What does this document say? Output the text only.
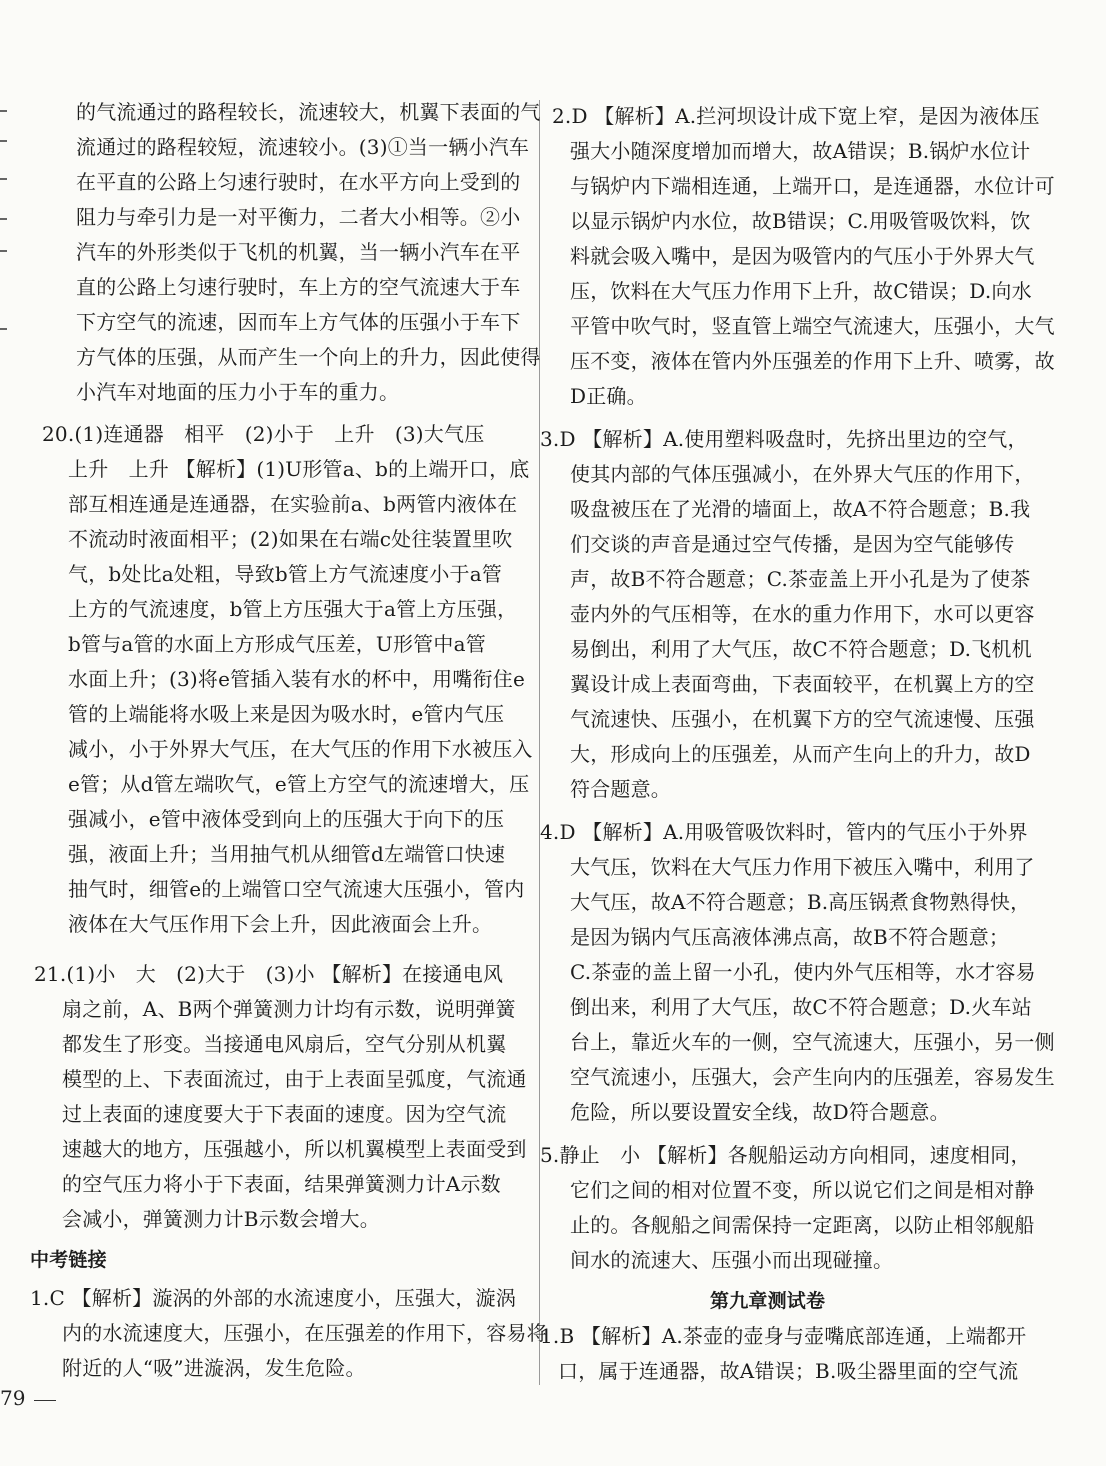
的气流通过的路程较长，流速较大，机翼下表面的气
流通过的路程较短，流速较小。(3)①当一辆小汽车
在平直的公路上匀速行驶时，在水平方向上受到的
阻力与牵引力是一对平衡力，二者大小相等。②小
汽车的外形类似于飞机的机翼，当一辆小汽车在平
直的公路上匀速行驶时，车上方的空气流速大于车
下方空气的流速，因而车上方气体的压强小于车下
方气体的压强，从而产生一个向上的升力，因此使得
小汽车对地面的压力小于车的重力。
20.(1)连通器　相平　(2)小于　上升　(3)大气压
上升　上升 【解析】(1)U形管a、b的上端开口，底
部互相连通是连通器，在实验前a、b两管内液体在
不流动时液面相平；(2)如果在右端c处往装置里吹
气，b处比a处粗，导致b管上方气流速度小于a管
上方的气流速度，b管上方压强大于a管上方压强，
b管与a管的水面上方形成气压差，U形管中a管
水面上升；(3)将e管插入装有水的杯中，用嘴衔住e
管的上端能将水吸上来是因为吸水时，e管内气压
减小，小于外界大气压，在大气压的作用下水被压入
e管；从d管左端吹气，e管上方空气的流速增大，压
强减小，e管中液体受到向上的压强大于向下的压
强，液面上升；当用抽气机从细管d左端管口快速
抽气时，细管e的上端管口空气流速大压强小，管内
液体在大气压作用下会上升，因此液面会上升。
21.(1)小　大　(2)大于　(3)小 【解析】在接通电风
扇之前，A、B两个弹簧测力计均有示数，说明弹簧
都发生了形变。当接通电风扇后，空气分别从机翼
模型的上、下表面流过，由于上表面呈弧度，气流通
过上表面的速度要大于下表面的速度。因为空气流
速越大的地方，压强越小，所以机翼模型上表面受到
的空气压力将小于下表面，结果弹簧测力计A示数
会减小，弹簧测力计B示数会增大。
中考链接
1.C 【解析】漩涡的外部的水流速度小，压强大，漩涡
内的水流速度大，压强小，在压强差的作用下，容易将
附近的人“吸”进漩涡，发生危险。
2.D 【解析】A.拦河坝设计成下宽上窄，是因为液体压
强大小随深度增加而增大，故A错误；B.锅炉水位计
与锅炉内下端相连通，上端开口，是连通器，水位计可
以显示锅炉内水位，故B错误；C.用吸管吸饮料，饮
料就会吸入嘴中，是因为吸管内的气压小于外界大气
压，饮料在大气压力作用下上升，故C错误；D.向水
平管中吹气时，竖直管上端空气流速大，压强小，大气
压不变，液体在管内外压强差的作用下上升、喷雾，故
D正确。
3.D 【解析】A.使用塑料吸盘时，先挤出里边的空气，
使其内部的气体压强减小，在外界大气压的作用下，
吸盘被压在了光滑的墙面上，故A不符合题意；B.我
们交谈的声音是通过空气传播，是因为空气能够传
声，故B不符合题意；C.茶壶盖上开小孔是为了使茶
壶内外的气压相等，在水的重力作用下，水可以更容
易倒出，利用了大气压，故C不符合题意；D.飞机机
翼设计成上表面弯曲，下表面较平，在机翼上方的空
气流速快、压强小，在机翼下方的空气流速慢、压强
大，形成向上的压强差，从而产生向上的升力，故D
符合题意。
4.D 【解析】A.用吸管吸饮料时，管内的气压小于外界
大气压，饮料在大气压力作用下被压入嘴中，利用了
大气压，故A不符合题意；B.高压锅煮食物熟得快，
是因为锅内气压高液体沸点高，故B不符合题意；
C.茶壶的盖上留一小孔，使内外气压相等，水才容易
倒出来，利用了大气压，故C不符合题意；D.火车站
台上，靠近火车的一侧，空气流速大，压强小，另一侧
空气流速小，压强大，会产生向内的压强差，容易发生
危险，所以要设置安全线，故D符合题意。
5.静止　小 【解析】各舰船运动方向相同，速度相同，
它们之间的相对位置不变，所以说它们之间是相对静
止的。各舰船之间需保持一定距离，以防止相邻舰船
间水的流速大、压强小而出现碰撞。
第九章测试卷
1.B 【解析】A.茶壶的壶身与壶嘴底部连通，上端都开
口，属于连通器，故A错误；B.吸尘器里面的空气流
79
